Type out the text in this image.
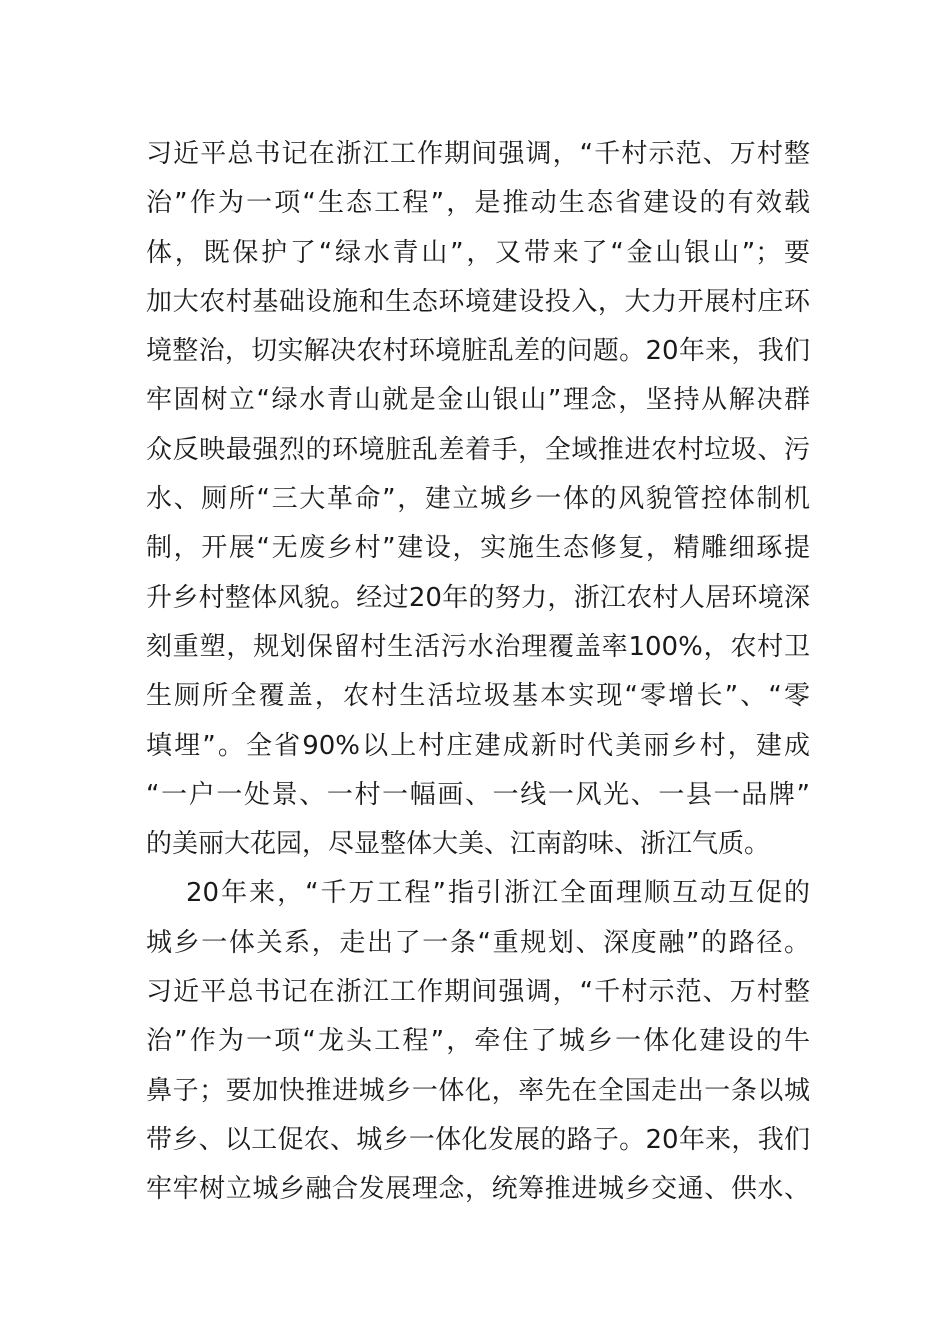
习近平总书记在浙江工作期间强调，“千村示范、万村整
治”作为一项“生态工程”，是推动生态省建设的有效载
体，既保护了“绿水青山”，又带来了“金山银山”；要
加大农村基础设施和生态环境建设投入，大力开展村庄环
境整治，切实解决农村环境脏乱差的问题。20年来，我们
牢固树立“绿水青山就是金山银山”理念，坚持从解决群
众反映最强烈的环境脏乱差着手，全域推进农村垃圾、污
水、厕所“三大革命”，建立城乡一体的风貌管控体制机
制，开展“无废乡村”建设，实施生态修复，精雕细琢提
升乡村整体风貌。经过20年的努力，浙江农村人居环境深
刻重塑，规划保留村生活污水治理覆盖率100%，农村卫
生厕所全覆盖，农村生活垃圾基本实现“零增长”、“零
填埋”。全省90%以上村庄建成新时代美丽乡村，建成
“一户一处景、一村一幅画、一线一风光、一县一品牌”
的美丽大花园，尽显整体大美、江南韵味、浙江气质。
20年来，“千万工程”指引浙江全面理顺互动互促的
城乡一体关系，走出了一条“重规划、深度融”的路径。
习近平总书记在浙江工作期间强调，“千村示范、万村整
治”作为一项“龙头工程”，牵住了城乡一体化建设的牛
鼻子；要加快推进城乡一体化，率先在全国走出一条以城
带乡、以工促农、城乡一体化发展的路子。20年来，我们
牢牢树立城乡融合发展理念，统筹推进城乡交通、供水、
